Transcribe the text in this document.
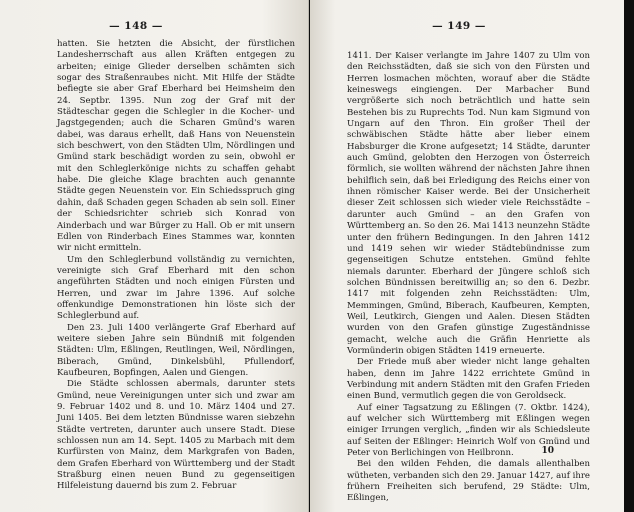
— 148 —

hatten. Sie hetzten die Absicht, der fürstlichen Landesherrschaft aus allen Kräften entgegen zu arbeiten; einige Glieder derselben schämten sich sogar des Straßenraubes nicht. Mit Hilfe der Städte befiegte sie aber Graf Eberhard bei Heimsheim den 24. Septbr. 1395. Nun zog der Graf mit der Städteschar gegen die Schlegler in die Kocher- und Jagstgegenden; auch die Scharen Gmünd's waren dabei, was daraus erhellt, daß Hans von Neuenstein sich beschwert, von den Städten Ulm, Nördlingen und Gmünd stark beschädigt worden zu sein, obwohl er mit den Schleglerkönige nichts zu schaffen gehabt habe. Die gleiche Klage brachten auch genannte Städte gegen Neuenstein vor. Ein Schiedsspruch ging dahin, daß Schaden gegen Schaden ab sein soll. Einer der Schiedsrichter schrieb sich Konrad von Ainderbach und war Bürger zu Hall. Ob er mit unsern Edlen von Rinderbach Eines Stammes war, konnten wir nicht ermitteln.

Um den Schleglerbund vollständig zu vernichten, vereinigte sich Graf Eberhard mit den schon angeführten Städten und noch einigen Fürsten und Herren, und zwar im Jahre 1396. Auf solche offenkundige Demonstrationen hin löste sich der Schleglerbund auf.

Den 23. Juli 1400 verlängerte Graf Eberhard auf weitere sieben Jahre sein Bündniß mit folgenden Städten: Ulm, Eßlingen, Reutlingen, Weil, Nördlingen, Biberach, Gmünd, Dinkelsbühl, Pfullendorf, Kaufbeuren, Bopfingen, Aalen und Giengen.

Die Städte schlossen abermals, darunter stets Gmünd, neue Vereinigungen unter sich und zwar am 9. Februar 1402 und 8. und 10. März 1404 und 27. Juni 1405. Bei dem letzten Bündnisse waren siebzehn Städte vertreten, darunter auch unsere Stadt. Diese schlossen nun am 14. Sept. 1405 zu Marbach mit dem Kurfürsten von Mainz, dem Markgrafen von Baden, dem Grafen Eberhard von Württemberg und der Stadt Straßburg einen neuen Bund zu gegenseitigen Hilfeleistung dauernd bis zum 2. Februar

— 149 —

1411. Der Kaiser verlangte im Jahre 1407 zu Ulm von den Reichsstädten, daß sie sich von den Fürsten und Herren losmachen möchten, worauf aber die Städte keineswegs eingiengen. Der Marbacher Bund vergrößerte sich noch beträchtlich und hatte sein Bestehen bis zu Ruprechts Tod. Nun kam Sigmund von Ungarn auf den Thron. Ein großer Theil der schwäbischen Städte hätte aber lieber einem Habsburger die Krone aufgesetzt; 14 Städte, darunter auch Gmünd, gelobten den Herzogen von Österreich förmlich, sie wollten während der nächsten Jahre ihnen behilflich sein, daß bei Erledigung des Reichs einer von ihnen römischer Kaiser werde. Bei der Unsicherheit dieser Zeit schlossen sich wieder viele Reichsstädte – darunter auch Gmünd – an den Grafen von Württemberg an. So den 26. Mai 1413 neunzehn Städte unter den frühern Bedingungen. In den Jahren 1412 und 1419 sehen wir wieder Städtebündnisse zum gegenseitigen Schutze entstehen. Gmünd fehlte niemals darunter. Eberhard der Jüngere schloß sich solchen Bündnissen bereitwillig an; so den 6. Dezbr. 1417 mit folgenden zehn Reichsstädten: Ulm, Memmingen, Gmünd, Biberach, Kaufbeuren, Kempten, Weil, Leutkirch, Giengen und Aalen. Diesen Städten wurden von den Grafen günstige Zugeständnisse gemacht, welche auch die Gräfin Henriette als Vormünderin obigen Städten 1419 erneuerte.

Der Friede muß aber wieder nicht lange gehalten haben, denn im Jahre 1422 errichtete Gmünd in Verbindung mit andern Städten mit den Grafen Frieden einen Bund, vermutlich gegen die von Geroldseck.

Auf einer Tagsatzung zu Eßlingen (7. Oktbr. 1424), auf welcher sich Württemberg mit Eßlingen wegen einiger Irrungen verglich, „finden wir als Schiedsleute auf Seiten der Eßlinger: Heinrich Wolf von Gmünd und Peter von Berlichingen von Heilbronn.

Bei den wilden Fehden, die damals allenthalben wütheten, verbanden sich den 29. Januar 1427, auf ihre frühern Freiheiten sich berufend, 29 Städte: Ulm, Eßlingen,

10
